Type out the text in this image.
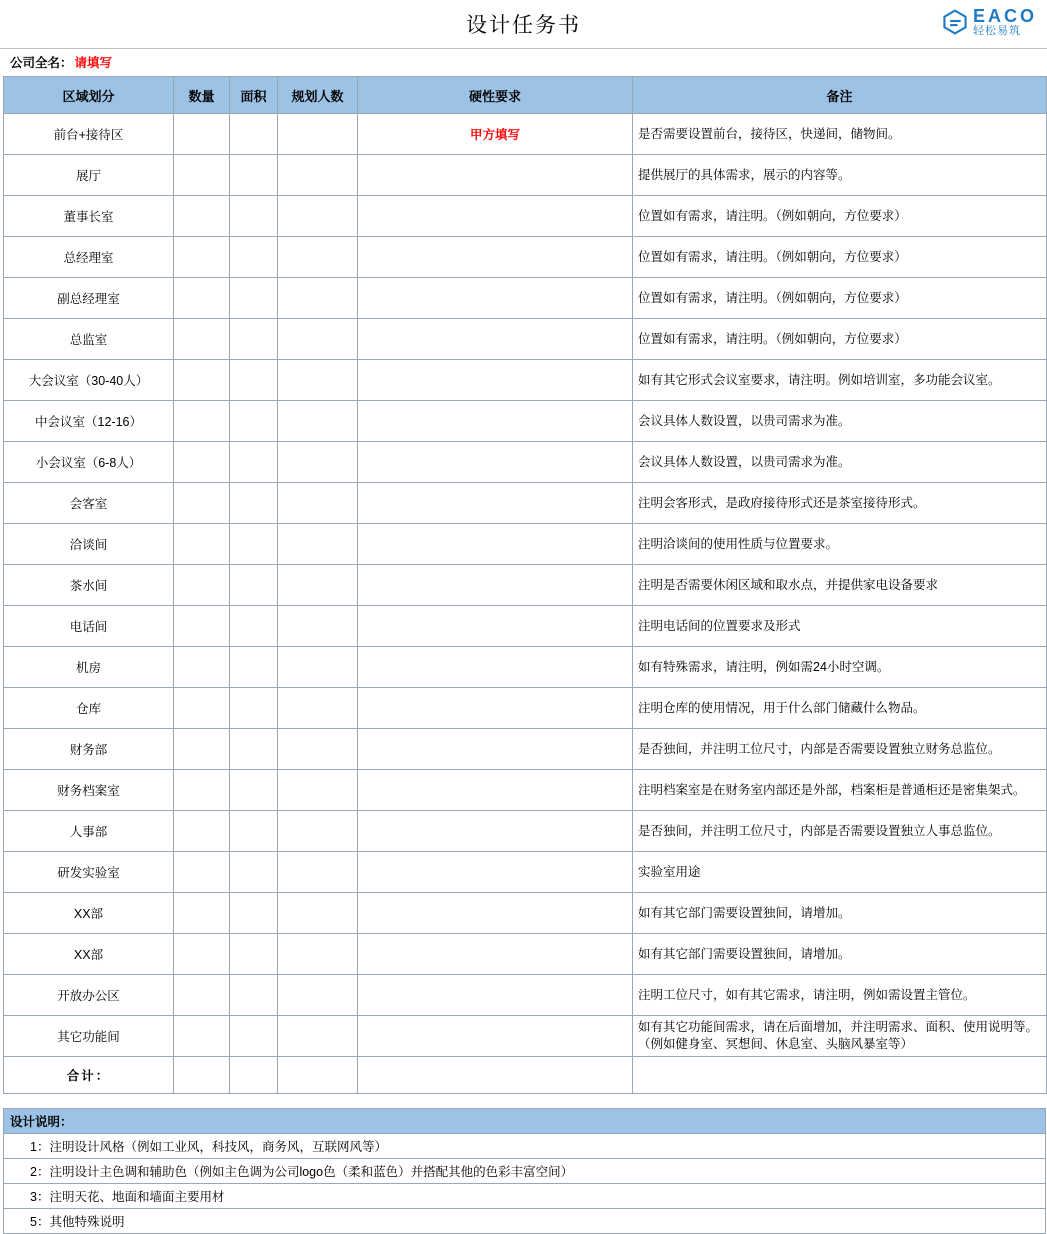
设计任务书	EACO
轻松易筑
公司全名： 请填写
区域划分	数量	面积	规划人数	硬性要求	备注
前台+接待区				甲方填写	是否需要设置前台，接待区，快递间，储物间。
展厅					提供展厅的具体需求，展示的内容等。
董事长室					位置如有需求，请注明。（例如朝向，方位要求）
总经理室					位置如有需求，请注明。（例如朝向，方位要求）
副总经理室					位置如有需求，请注明。（例如朝向，方位要求）
总监室					位置如有需求，请注明。（例如朝向，方位要求）
大会议室（30-40人）					如有其它形式会议室要求，请注明。例如培训室，多功能会议室。
中会议室（12-16）					会议具体人数设置，以贵司需求为准。
小会议室（6-8人）					会议具体人数设置，以贵司需求为准。
会客室					注明会客形式，是政府接待形式还是茶室接待形式。
洽谈间					注明洽谈间的使用性质与位置要求。
茶水间					注明是否需要休闲区域和取水点，并提供家电设备要求
电话间					注明电话间的位置要求及形式
机房					如有特殊需求，请注明，例如需24小时空调。
仓库					注明仓库的使用情况，用于什么部门储藏什么物品。
财务部					是否独间，并注明工位尺寸，内部是否需要设置独立财务总监位。
财务档案室					注明档案室是在财务室内部还是外部，档案柜是普通柜还是密集架式。
人事部					是否独间，并注明工位尺寸，内部是否需要设置独立人事总监位。
研发实验室					实验室用途
XX部					如有其它部门需要设置独间，请增加。
XX部					如有其它部门需要设置独间，请增加。
开放办公区					注明工位尺寸，如有其它需求，请注明，例如需设置主管位。
其它功能间					如有其它功能间需求，请在后面增加，并注明需求、面积、使用说明等。（例如健身室、冥想间、休息室、头脑风暴室等）
合计：					
设计说明：
1：注明设计风格（例如工业风，科技风，商务风，互联网风等）
2：注明设计主色调和辅助色（例如主色调为公司logo色（柔和蓝色）并搭配其他的色彩丰富空间）
3：注明天花、地面和墙面主要用材
5：其他特殊说明
